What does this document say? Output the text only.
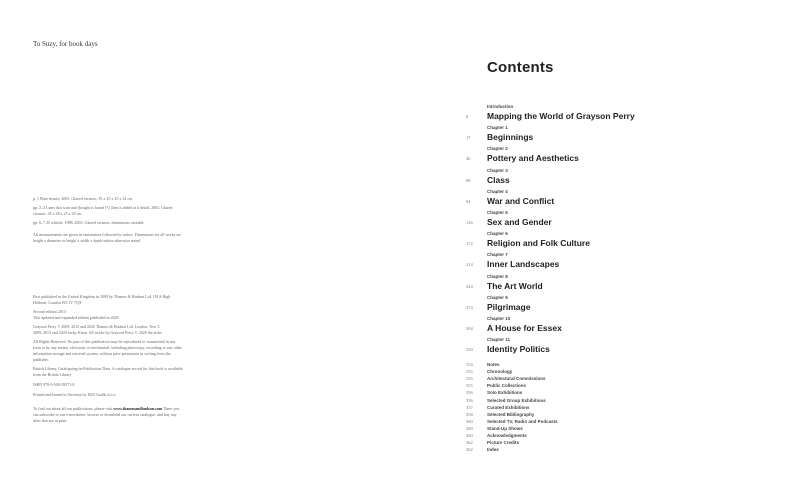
To Suzy, for book days

p. 1 Plate beauty, 2005. Glazed ceramic, 35 x 25 x 25 x 24 cm

pp. 2–3 Lines that scan and thought is found [?], then it added at it detail, 2003. Glazed ceramic, 45 x 28 x 25 x 20 cm

pp. 6–7 25 whistle, 1988–2003. Glazed ceramic, dimensions variable

All measurements are given in centimetres followed by inches. Dimensions for all works are height x diameter or height x width x depth unless otherwise stated

First published in the United Kingdom in 2009 by Thames & Hudson Ltd, 181A High Holborn, London WC1V 7QX

Second edition 2013

This updated and expanded edition published in 2020

Grayson Perry © 2009, 2013 and 2020 Thames & Hudson Ltd, London. Text © 2009, 2013 and 2020 Jacky Klein. All works by Grayson Perry © 2020 the artist

All Rights Reserved. No part of this publication may be reproduced or transmitted in any form or by any means, electronic or mechanical, including photocopy, recording or any other information storage and retrieval system, without prior permission in writing from the publisher.

British Library Cataloguing-in-Publication Data. A catalogue record for this book is available from the British Library

ISBN 978-0-500-29571-8

Printed and bound in Slovenia by DZS Grafik d.o.o.

To find out about all our publications, please visit www.thamesandhudson.com There you can subscribe to our e-newsletter, browse or download our current catalogue, and buy any titles that are in print.

Contents
Introduction
8 Mapping the World of Grayson Perry
Chapter 1
17 Beginnings
Chapter 2
40 Pottery and Aesthetics
Chapter 3
68 Class
Chapter 4
94 War and Conflict
Chapter 5
126 Sex and Gender
Chapter 6
172 Religion and Folk Culture
Chapter 7
214 Inner Landscapes
Chapter 8
244 The Art World
Chapter 9
274 Pilgrimage
Chapter 10
304 A House for Essex
Chapter 11
330 Identity Politics
354	Notes
355	Chronology
355	Architectural Commissions
355	Public Collections
356	Solo Exhibitions
356	Selected Group Exhibitions
357	Curated Exhibitions
358	Selected Bibliography
360	Selected TV, Radio and Podcasts
360	Stand-Up Shows
360	Acknowledgments
362	Picture Credits
362	Index
